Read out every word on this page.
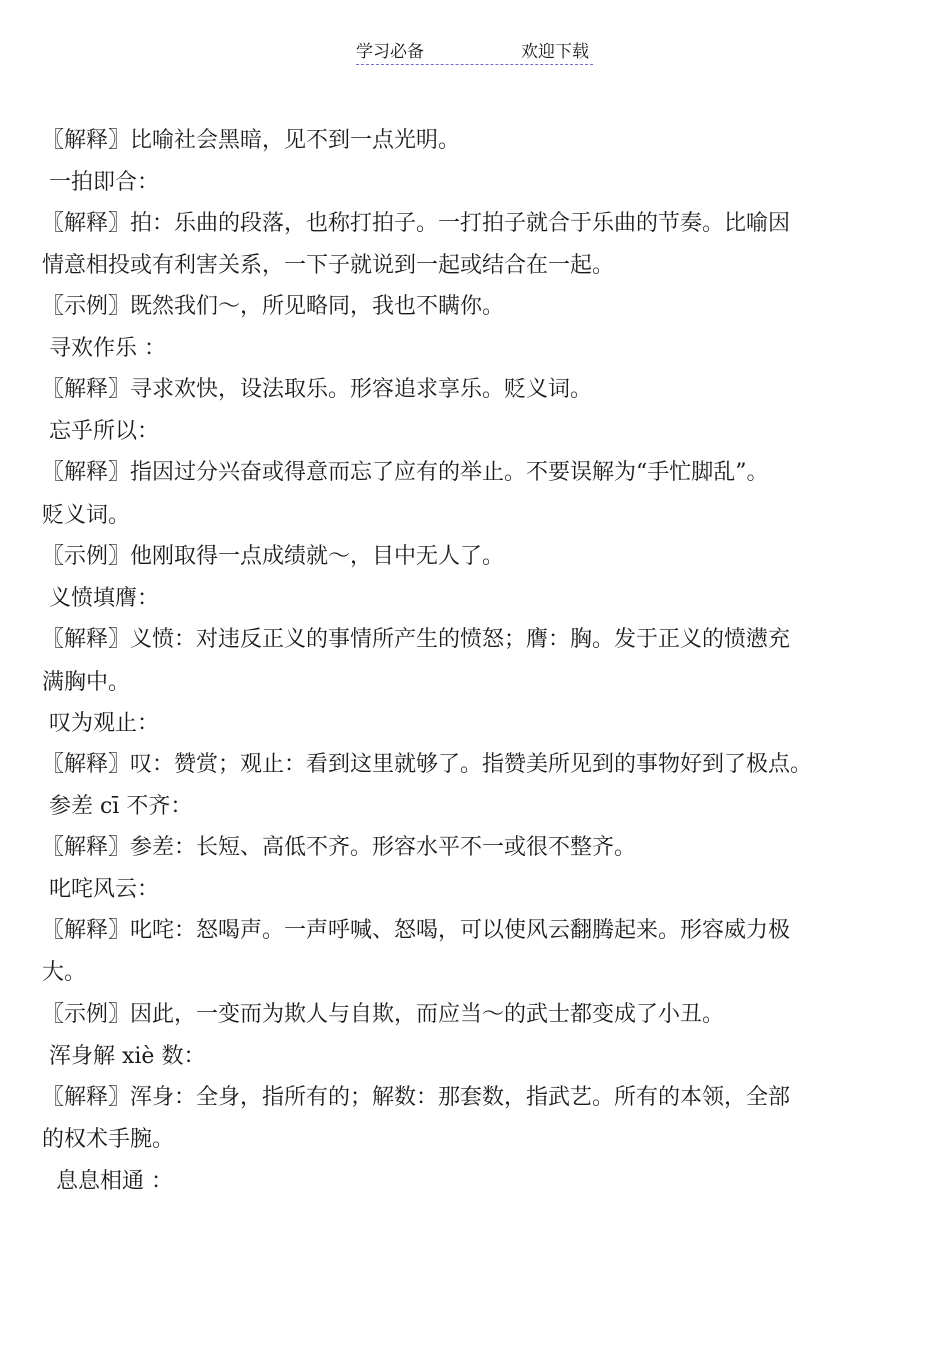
学习必备	欢迎下载
〖解释〗比喻社会黑暗，见不到一点光明。
一拍即合：
〖解释〗拍：乐曲的段落，也称打拍子。一打拍子就合于乐曲的节奏。比喻因
情意相投或有利害关系，一下子就说到一起或结合在一起。
〖示例〗既然我们～，所见略同，我也不瞒你。
寻欢作乐 ：
〖解释〗寻求欢快，设法取乐。形容追求享乐。贬义词。
忘乎所以：
〖解释〗指因过分兴奋或得意而忘了应有的举止。不要误解为“手忙脚乱”。
贬义词。
〖示例〗他刚取得一点成绩就～，目中无人了。
义愤填膺：
〖解释〗义愤：对违反正义的事情所产生的愤怒；膺：胸。发于正义的愤懑充
满胸中。
叹为观止：
〖解释〗叹：赞赏；观止：看到这里就够了。指赞美所见到的事物好到了极点。
参差 cī 不齐：
〖解释〗参差：长短、高低不齐。形容水平不一或很不整齐。
叱咤风云：
〖解释〗叱咤：怒喝声。一声呼喊、怒喝，可以使风云翻腾起来。形容威力极
大。
〖示例〗因此，一变而为欺人与自欺，而应当～的武士都变成了小丑。
浑身解 xiè 数：
〖解释〗浑身：全身，指所有的；解数：那套数，指武艺。所有的本领，全部
的权术手腕。
息息相通 ：
